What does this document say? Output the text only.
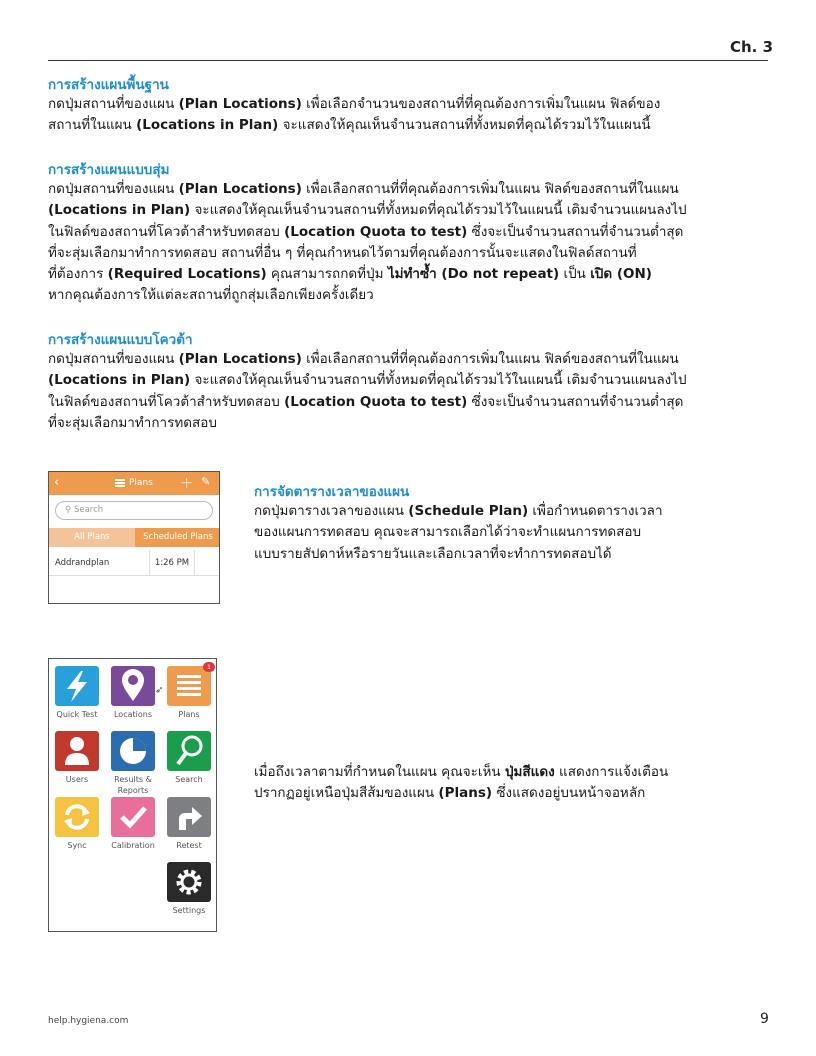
Ch. 3
การสร้างแผนพื้นฐาน
กดปุ่มสถานที่ของแผน (Plan Locations) เพื่อเลือกจำนวนของสถานที่ที่คุณต้องการเพิ่มในแผน ฟิลด์ของ
สถานที่ในแผน (Locations in Plan) จะแสดงให้คุณเห็นจำนวนสถานที่ทั้งหมดที่คุณได้รวมไว้ในแผนนี้
การสร้างแผนแบบสุ่ม
กดปุ่มสถานที่ของแผน (Plan Locations) เพื่อเลือกสถานที่ที่คุณต้องการเพิ่มในแผน ฟิลด์ของสถานที่ในแผน
(Locations in Plan) จะแสดงให้คุณเห็นจำนวนสถานที่ทั้งหมดที่คุณได้รวมไว้ในแผนนี้ เติมจำนวนแผนลงไป
ในฟิลด์ของสถานที่โควต้าสำหรับทดสอบ (Location Quota to test) ซึ่งจะเป็นจำนวนสถานที่จำนวนต่ำสุด
ที่จะสุ่มเลือกมาทำการทดสอบ สถานที่อื่น ๆ ที่คุณกำหนดไว้ตามที่คุณต้องการนั้นจะแสดงในฟิลด์สถานที่
ที่ต้องการ (Required Locations) คุณสามารถกดที่ปุ่ม ไม่ทำซ้ำ (Do not repeat) เป็น เปิด (ON)
หากคุณต้องการให้แต่ละสถานที่ถูกสุ่มเลือกเพียงครั้งเดียว
การสร้างแผนแบบโควต้า
กดปุ่มสถานที่ของแผน (Plan Locations) เพื่อเลือกสถานที่ที่คุณต้องการเพิ่มในแผน ฟิลด์ของสถานที่ในแผน
(Locations in Plan) จะแสดงให้คุณเห็นจำนวนสถานที่ทั้งหมดที่คุณได้รวมไว้ในแผนนี้ เติมจำนวนแผนลงไป
ในฟิลด์ของสถานที่โควต้าสำหรับทดสอบ (Location Quota to test) ซึ่งจะเป็นจำนวนสถานที่จำนวนต่ำสุด
ที่จะสุ่มเลือกมาทำการทดสอบ
การจัดตารางเวลาของแผน
กดปุ่มตารางเวลาของแผน (Schedule Plan) เพื่อกำหนดตารางเวลา
ของแผนการทดสอบ คุณจะสามารถเลือกได้ว่าจะทำแผนการทดสอบ
แบบรายสัปดาห์หรือรายวันและเลือกเวลาที่จะทำการทดสอบได้
เมื่อถึงเวลาตามที่กำหนดในแผน คุณจะเห็น ปุ่มสีแดง แสดงการแจ้งเตือน
ปรากฏอยู่เหนือปุ่มสีส้มของแผน (Plans) ซึ่งแสดงอยู่บนหน้าจอหลัก
‹	Plans + ✎
⚲ Search
All Plans	Scheduled Plans
Addrandplan	1:26 PM
Quick Test	Locations
➶
1
Plans
Users	Results & Reports
Search
Sync	Calibration	Retest
Settings
help.hygiena.com	9
